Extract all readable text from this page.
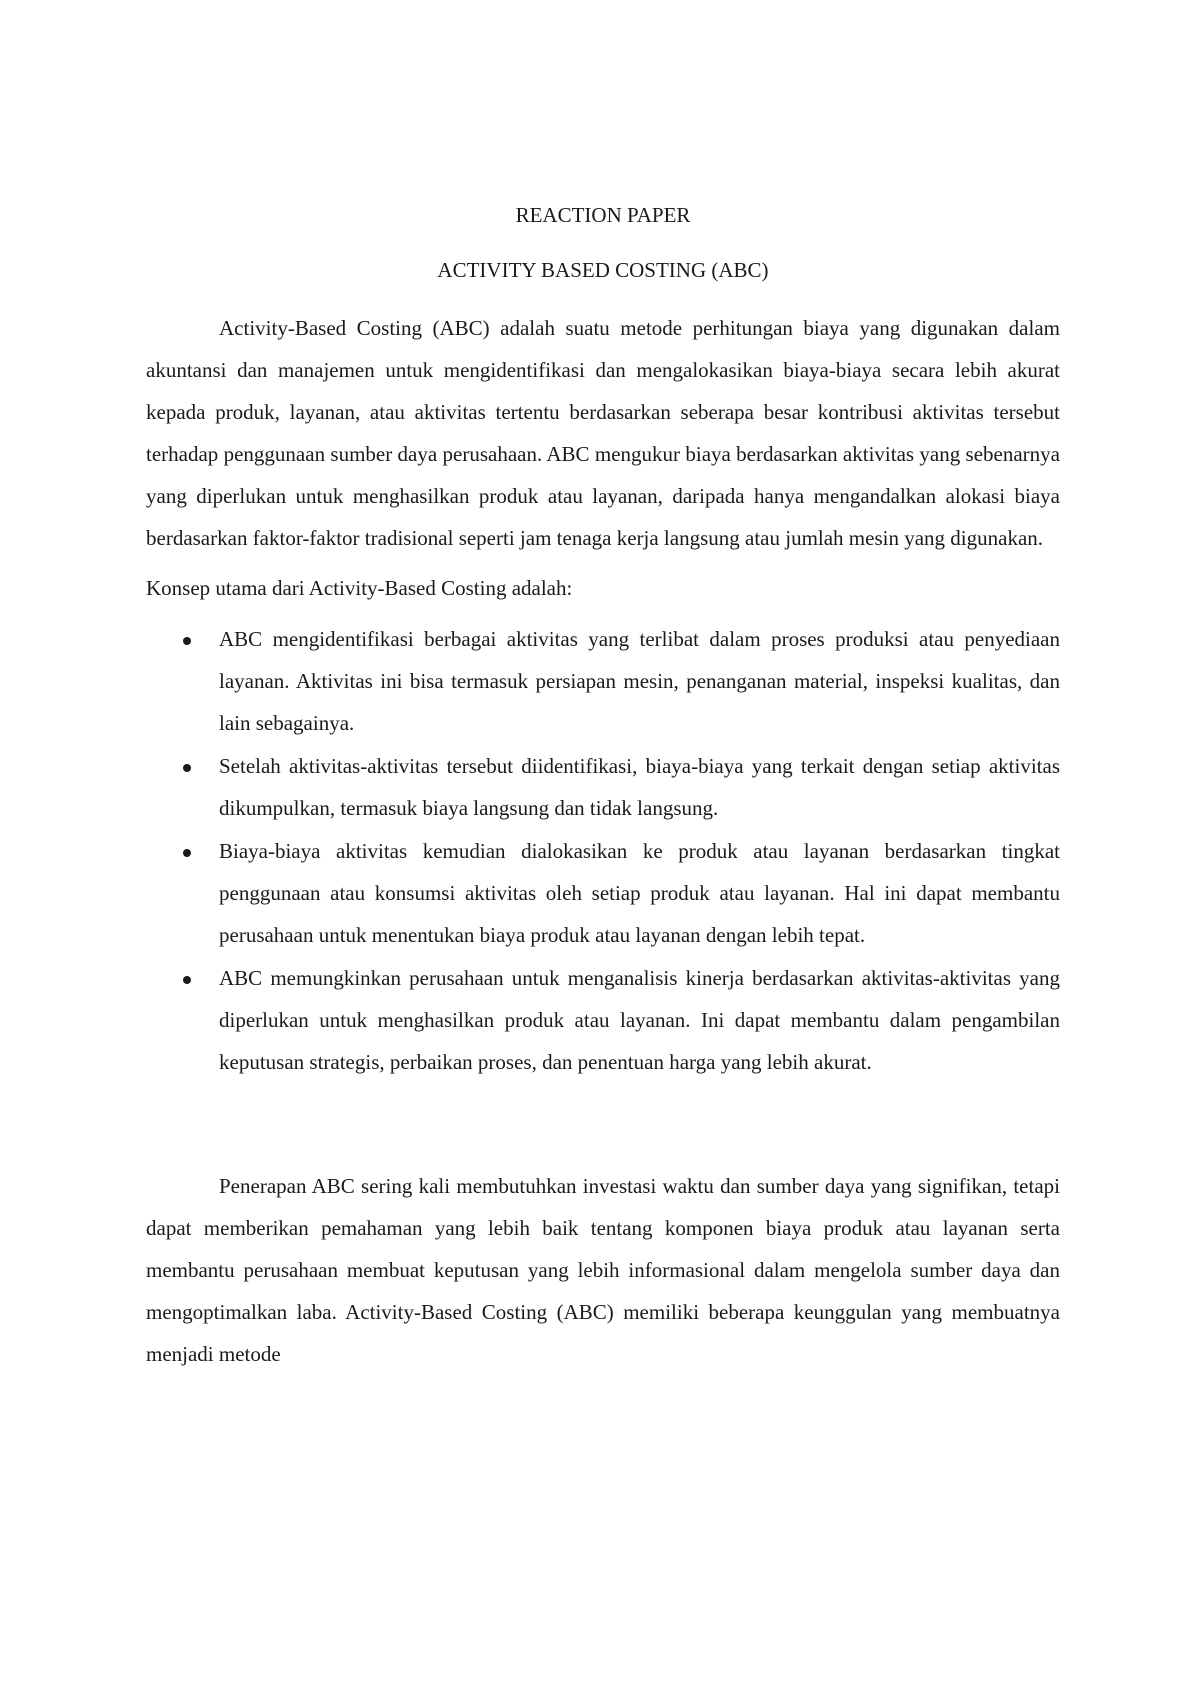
REACTION PAPER
ACTIVITY BASED COSTING (ABC)

Activity-Based Costing (ABC) adalah suatu metode perhitungan biaya yang digunakan dalam akuntansi dan manajemen untuk mengidentifikasi dan mengalokasikan biaya-biaya secara lebih akurat kepada produk, layanan, atau aktivitas tertentu berdasarkan seberapa besar kontribusi aktivitas tersebut terhadap penggunaan sumber daya perusahaan. ABC mengukur biaya berdasarkan aktivitas yang sebenarnya yang diperlukan untuk menghasilkan produk atau layanan, daripada hanya mengandalkan alokasi biaya berdasarkan faktor-faktor tradisional seperti jam tenaga kerja langsung atau jumlah mesin yang digunakan.

Konsep utama dari Activity-Based Costing adalah:

ABC mengidentifikasi berbagai aktivitas yang terlibat dalam proses produksi atau penyediaan layanan. Aktivitas ini bisa termasuk persiapan mesin, penanganan material, inspeksi kualitas, dan lain sebagainya.
Setelah aktivitas-aktivitas tersebut diidentifikasi, biaya-biaya yang terkait dengan setiap aktivitas dikumpulkan, termasuk biaya langsung dan tidak langsung.
Biaya-biaya aktivitas kemudian dialokasikan ke produk atau layanan berdasarkan tingkat penggunaan atau konsumsi aktivitas oleh setiap produk atau layanan. Hal ini dapat membantu perusahaan untuk menentukan biaya produk atau layanan dengan lebih tepat.
ABC memungkinkan perusahaan untuk menganalisis kinerja berdasarkan aktivitas-aktivitas yang diperlukan untuk menghasilkan produk atau layanan. Ini dapat membantu dalam pengambilan keputusan strategis, perbaikan proses, dan penentuan harga yang lebih akurat.

Penerapan ABC sering kali membutuhkan investasi waktu dan sumber daya yang signifikan, tetapi dapat memberikan pemahaman yang lebih baik tentang komponen biaya produk atau layanan serta membantu perusahaan membuat keputusan yang lebih informasional dalam mengelola sumber daya dan mengoptimalkan laba. Activity-Based Costing (ABC) memiliki beberapa keunggulan yang membuatnya menjadi metode
